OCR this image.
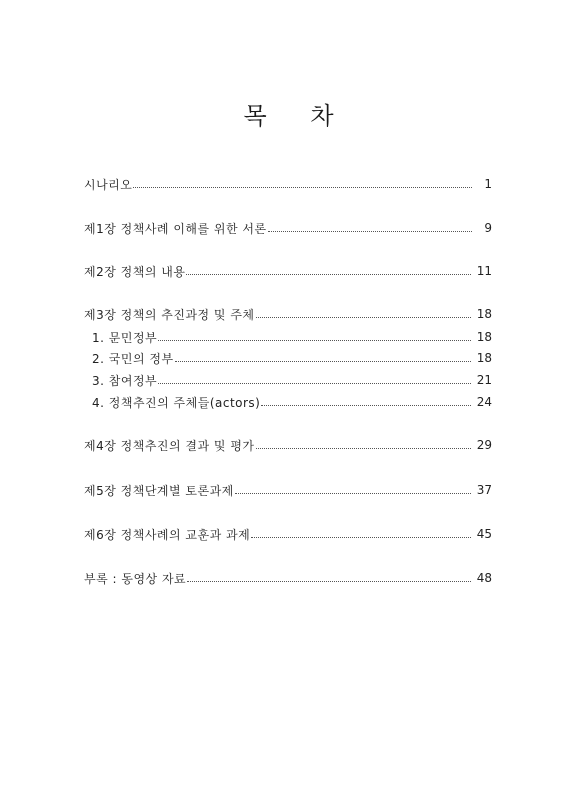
목 차
시나리오	1
제1장 정책사례 이해를 위한 서론	9
제2장 정책의 내용	11
제3장 정책의 추진과정 및 주체	18
1. 문민정부	18
2. 국민의 정부	18
3. 참여정부	21
4. 정책추진의 주체들(actors)	24
제4장 정책추진의 결과 및 평가	29
제5장 정책단계별 토론과제	37
제6장 정책사례의 교훈과 과제	45
부록 : 동영상 자료	48
